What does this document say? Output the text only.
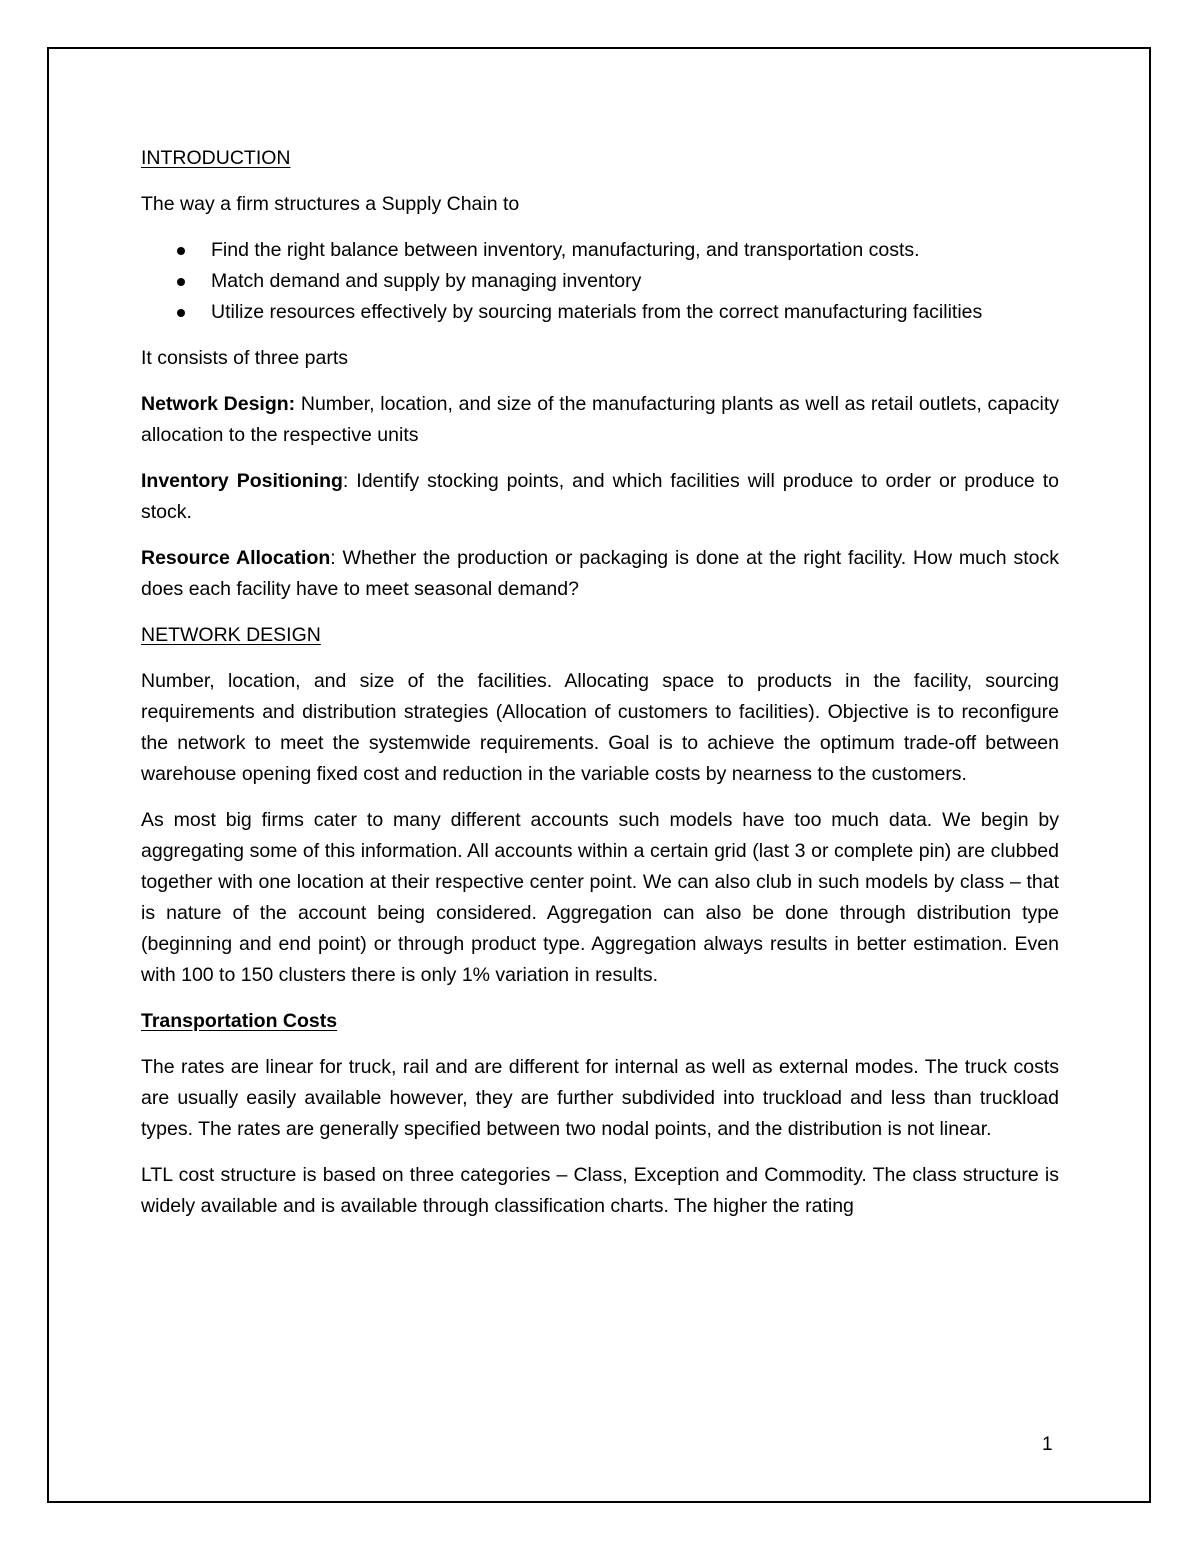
INTRODUCTION

The way a firm structures a Supply Chain to

Find the right balance between inventory, manufacturing, and transportation costs.
Match demand and supply by managing inventory
Utilize resources effectively by sourcing materials from the correct manufacturing facilities

It consists of three parts

Network Design: Number, location, and size of the manufacturing plants as well as retail outlets, capacity allocation to the respective units

Inventory Positioning: Identify stocking points, and which facilities will produce to order or produce to stock.

Resource Allocation: Whether the production or packaging is done at the right facility. How much stock does each facility have to meet seasonal demand?

NETWORK DESIGN

Number, location, and size of the facilities. Allocating space to products in the facility, sourcing requirements and distribution strategies (Allocation of customers to facilities). Objective is to reconfigure the network to meet the systemwide requirements. Goal is to achieve the optimum trade-off between warehouse opening fixed cost and reduction in the variable costs by nearness to the customers.

As most big firms cater to many different accounts such models have too much data. We begin by aggregating some of this information. All accounts within a certain grid (last 3 or complete pin) are clubbed together with one location at their respective center point. We can also club in such models by class – that is nature of the account being considered. Aggregation can also be done through distribution type (beginning and end point) or through product type. Aggregation always results in better estimation. Even with 100 to 150 clusters there is only 1% variation in results.

Transportation Costs

The rates are linear for truck, rail and are different for internal as well as external modes. The truck costs are usually easily available however, they are further subdivided into truckload and less than truckload types. The rates are generally specified between two nodal points, and the distribution is not linear.

LTL cost structure is based on three categories – Class, Exception and Commodity. The class structure is widely available and is available through classification charts. The higher the rating

1
